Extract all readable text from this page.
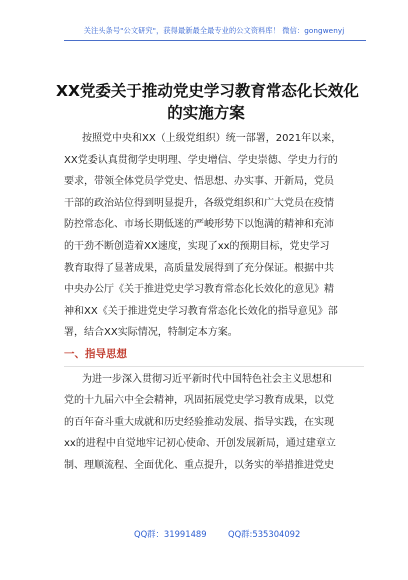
关注头条号"公文研究"，获得最新最全最专业的公文资料库！ 微信：gongwenyj
XX党委关于推动党史学习教育常态化长效化
的实施方案
按照党中央和XX（上级党组织）统一部署，2021年以来，
XX党委认真贯彻学史明理、学史增信、学史崇德、学史力行的
要求，带领全体党员学党史、悟思想、办实事、开新局，党员
干部的政治站位得到明显提升，各级党组织和广大党员在疫情
防控常态化、市场长期低迷的严峻形势下以饱满的精神和充沛
的干劲不断创造着XX速度，实现了xx的预期目标，党史学习
教育取得了显著成果，高质量发展得到了充分保证。根据中共
中央办公厅《关于推进党史学习教育常态化长效化的意见》精
神和XX《关于推进党史学习教育常态化长效化的指导意见》部
署，结合XX实际情况，特制定本方案。
一、指导思想
为进一步深入贯彻习近平新时代中国特色社会主义思想和
党的十九届六中全会精神，巩固拓展党史学习教育成果，以党
的百年奋斗重大成就和历史经验推动发展、指导实践，在实现
xx的进程中自觉地牢记初心使命、开创发展新局，通过建章立
制、理顺流程、全面优化、重点提升，以务实的举措推进党史
QQ群：31991489	QQ群:535304092
